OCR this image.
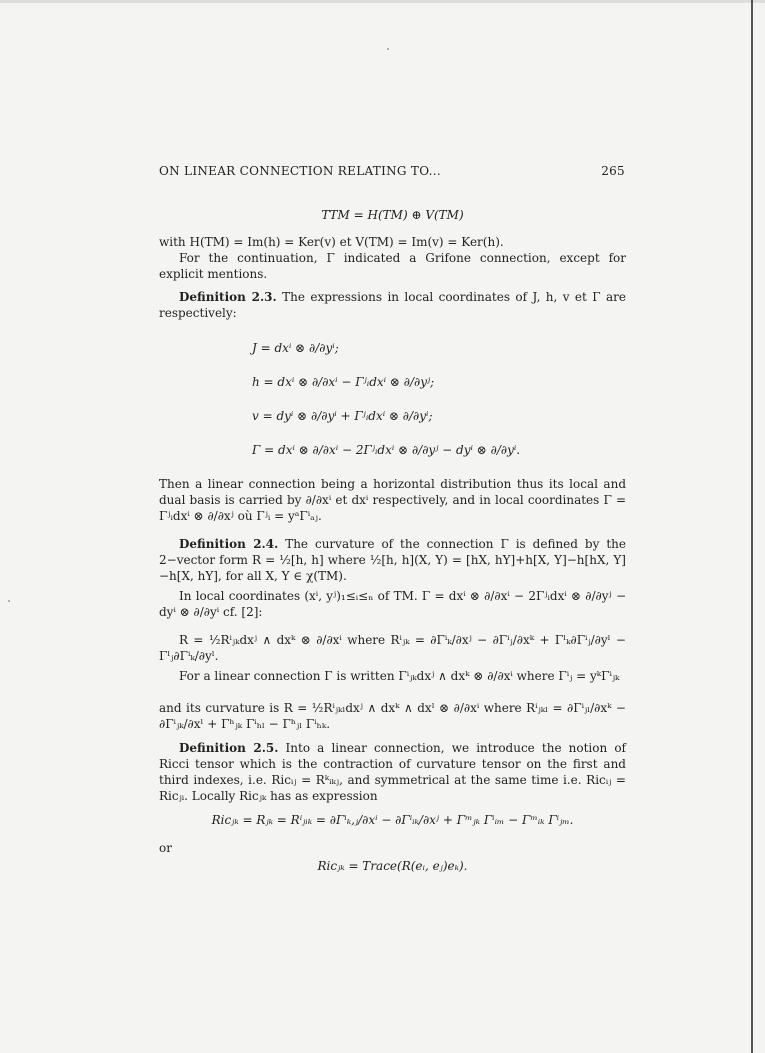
ON LINEAR CONNECTION RELATING TO...	265
TTM = H(TM) ⊕ V(TM)
with H(TM) = Im(h) = Ker(v) et V(TM) = Im(v) = Ker(h).
For the continuation, Γ indicated a Grifone connection, except for explicit mentions.
Definition 2.3. The expressions in local coordinates of J, h, v et Γ are respectively:
J = dxⁱ ⊗ ∂/∂yⁱ;
h = dxⁱ ⊗ ∂/∂xⁱ − Γʲᵢdxⁱ ⊗ ∂/∂yʲ;
v = dyⁱ ⊗ ∂/∂yⁱ + Γʲᵢdxⁱ ⊗ ∂/∂yⁱ;
Γ = dxⁱ ⊗ ∂/∂xⁱ − 2Γʲᵢdxⁱ ⊗ ∂/∂yʲ − dyⁱ ⊗ ∂/∂yⁱ.
Then a linear connection being a horizontal distribution thus its local and dual basis is carried by ∂/∂xⁱ et dxⁱ respectively, and in local coordinates Γ = Γʲᵢdxⁱ ⊗ ∂/∂xʲ où Γʲᵢ = yᵃΓⁱₐⱼ.
Definition 2.4. The curvature of the connection Γ is defined by the 2−vector form R = ½[h, h] where ½[h, h](X, Y) = [hX, hY]+h[X, Y]−h[hX, Y]−h[X, hY], for all X, Y ∈ χ(TM).
In local coordinates (xⁱ, yʲ)₁≤ᵢ≤ₙ of TM. Γ = dxⁱ ⊗ ∂/∂xⁱ − 2Γʲᵢdxⁱ ⊗ ∂/∂yʲ − dyⁱ ⊗ ∂/∂yⁱ cf. [2]:
R = ½Rⁱⱼₖdxʲ ∧ dxᵏ ⊗ ∂/∂xⁱ where Rⁱⱼₖ = ∂Γⁱₖ/∂xʲ − ∂Γⁱⱼ/∂xᵏ + Γˡₖ∂Γⁱⱼ/∂yˡ − Γˡⱼ∂Γⁱₖ/∂yˡ.
For a linear connection Γ is written Γⁱⱼₖdxʲ ∧ dxᵏ ⊗ ∂/∂xⁱ where Γⁱⱼ = yᵏΓⁱⱼₖ
and its curvature is R = ½Rⁱⱼₖₗdxʲ ∧ dxᵏ ∧ dxˡ ⊗ ∂/∂xⁱ where Rⁱⱼₖₗ = ∂Γⁱⱼₗ/∂xᵏ − ∂Γⁱⱼₖ/∂xˡ + Γʰⱼₖ Γⁱₕₗ − Γʰⱼₗ Γⁱₕₖ.
Definition 2.5. Into a linear connection, we introduce the notion of Ricci tensor which is the contraction of curvature tensor on the first and third indexes, i.e. Ricᵢⱼ = Rᵏᵢₖⱼ, and symmetrical at the same time i.e. Ricᵢⱼ = Ricⱼᵢ. Locally Ricⱼₖ has as expression
Ricⱼₖ = Rⱼₖ = Rⁱⱼᵢₖ = ∂Γⁱₖ,ⱼ/∂xⁱ − ∂Γⁱᵢₖ/∂xʲ + Γᵐⱼₖ Γⁱᵢₘ − Γᵐᵢₖ Γⁱⱼₘ.
or
Ricⱼₖ = Trace(R(eᵢ, eⱼ)eₖ).
